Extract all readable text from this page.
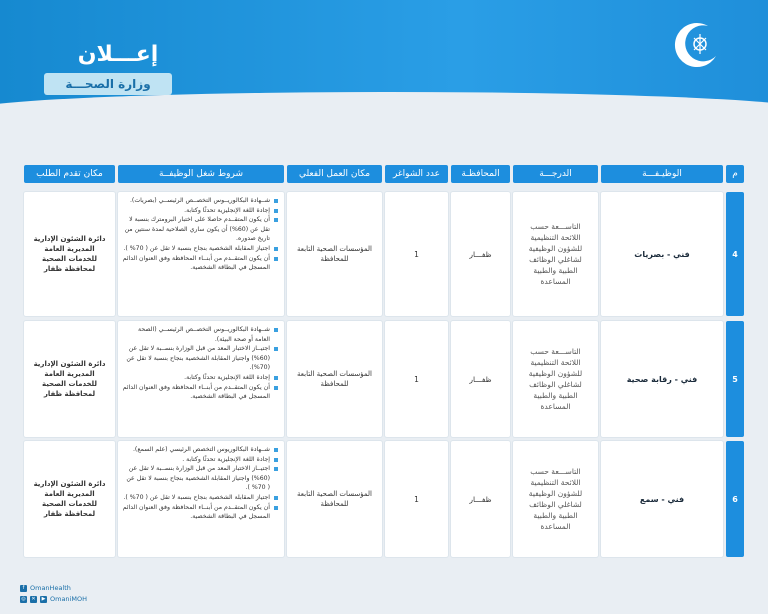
إعـــلان
وزارة الصحـــة
م
الوظيـفـــة
الدرجـــة
المحافظـة
عدد الشواغر
مكان العمل الفعلي
شروط شغل الوظيفــة
مكان تقدم الطلب
4
فني - بصريات
التاســـعة حسب اللائحة التنظيمية للشؤون الوظيفية لشاغلي الوظائف الطبية والطبية المساعدة
ظفـــار
1
المؤسسات الصحية التابعة للمحافظة
شــهادة البكالوريــوس التخصــص الرئيســي (بصريات).
إجادة اللغة الإنجليزية تحدثًا وكتابة.
أن يكون المتقــدم حاصلا على اختبار البرومترك بنسبة لا تقل عن (60%) أن يكون ساري الصلاحية لمدة سنتين من تاريخ صدوره.
اجتياز المقابلة الشخصية بنجاح بنسبة لا تقل عن ( 70% ).
أن يكون المتقــدم من أبنــاء المحافظة وفق العنوان الدائم المسجل في البطاقة الشخصية.
دائرة الشئون الإدارية المديرية العامة للخدمات الصحية لمحافظة ظفار
5
فني - رقابة صحية
التاســـعة حسب اللائحة التنظيمية للشؤون الوظيفية لشاغلي الوظائف الطبية والطبية المساعدة
ظفـــار
1
المؤسسات الصحية التابعة للمحافظة
شــهادة البكالوريــوس التخصــص الرئيســي (الصحة العامة أو صحة البيئة).
اجتيــاز الاختبار المعد من قبل الوزارة بنســبة لا تقل عن (60%) واجتياز المقابلة الشخصية بنجاح بنسبة لا تقل عن (70%).
إجادة اللغة الإنجليزية تحدثًا وكتابة.
أن يكون المتقــدم من أبنــاء المحافظة وفق العنوان الدائم المسجل في البطاقة الشخصية.
دائرة الشئون الإدارية المديرية العامة للخدمات الصحية لمحافظة ظفار
6
فني - سمع
التاســـعة حسب اللائحة التنظيمية للشؤون الوظيفية لشاغلي الوظائف الطبية والطبية المساعدة
ظفـــار
1
المؤسسات الصحية التابعة للمحافظة
شــهادة البكالوريوس التخصص الرئيسي (علم السمع).
إجادة اللغة الإنجليزية تحدثًا وكتابة .
اجتيــاز الاختبار المعد من قبل الوزارة بنســبة لا تقل عن (60%) واجتياز المقابلة الشخصية بنجاح بنسبة لا تقل عن ( 70% ).
اجتياز المقابلة الشخصية بنجاح بنسبة لا تقل عن ( 70% ).
أن يكون المتقــدم من أبنــاء المحافظة وفق العنوان الدائم المسجل في البطاقة الشخصية.
دائرة الشئون الإدارية المديرية العامة للخدمات الصحية لمحافظة ظفار
f OmanHealth
◎ ✕	▶ OmaniMOH
